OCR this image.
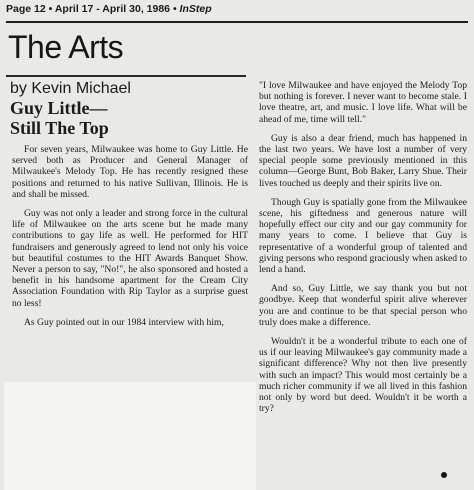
Page 12 • April 17 - April 30, 1986 • InStep
The Arts
by Kevin Michael
Guy Little—
Still The Top

For seven years, Milwaukee was home to Guy Little. He served both as Producer and General Manager of Milwaukee's Melody Top. He has recently resigned these positions and returned to his native Sullivan, Illinois. He is and shall be missed.

Guy was not only a leader and strong force in the cultural life of Milwaukee on the arts scene but he made many contributions to gay life as well. He performed for HIT fundraisers and generously agreed to lend not only his voice but beautiful costumes to the HIT Awards Banquet Show. Never a person to say, "No!", he also sponsored and hosted a benefit in his handsome apartment for the Cream City Association Foundation with Rip Taylor as a surprise guest no less!

As Guy pointed out in our 1984 interview with him,

"I love Milwaukee and have enjoyed the Melody Top but nothing is forever. I never want to become stale. I love theatre, art, and music. I love life. What will be ahead of me, time will tell."

Guy is also a dear friend, much has happened in the last two years. We have lost a number of very special people some previously mentioned in this column—George Bunt, Bob Baker, Larry Shue. Their lives touched us deeply and their spirits live on.

Though Guy is spatially gone from the Milwaukee scene, his giftedness and generous nature will hopefully effect our city and our gay community for many years to come. I believe that Guy is representative of a wonderful group of talented and giving persons who respond graciously when asked to lend a hand.

And so, Guy Little, we say thank you but not goodbye. Keep that wonderful spirit alive wherever you are and continue to be that special person who truly does make a difference.

Wouldn't it be a wonderful tribute to each one of us if our leaving Milwaukee's gay community made a significant difference? Why not then live presently with such an impact? This would most certainly be a much richer community if we all lived in this fashion not only by word but deed. Wouldn't it be worth a try?
